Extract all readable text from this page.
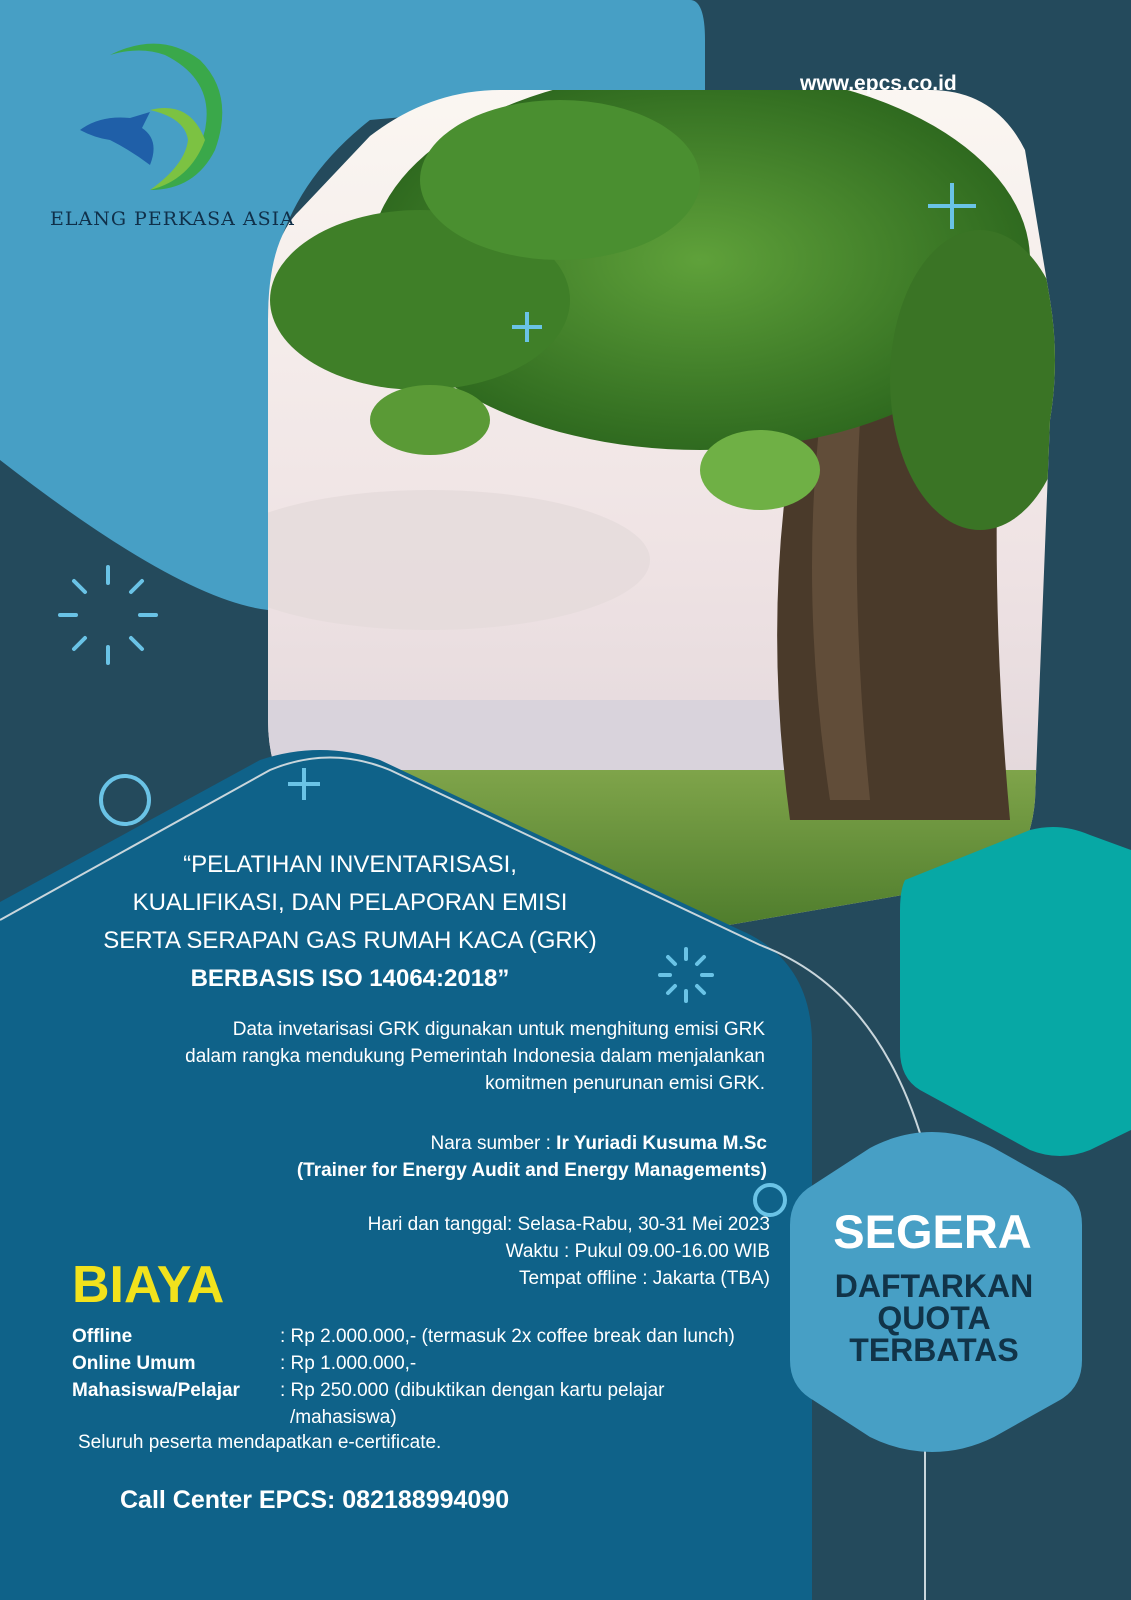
ELANG PERKASA ASIA
www.epcs.co.id
“PELATIHAN INVENTARISASI,
KUALIFIKASI, DAN PELAPORAN EMISI
SERTA SERAPAN GAS RUMAH KACA (GRK)
BERBASIS ISO 14064:2018”
Data invetarisasi GRK digunakan untuk menghitung emisi GRK
dalam rangka mendukung Pemerintah Indonesia dalam menjalankan
komitmen penurunan emisi GRK.
Nara sumber : Ir Yuriadi Kusuma M.Sc
(Trainer for Energy Audit and Energy Managements)
Hari dan tanggal: Selasa-Rabu, 30-31 Mei 2023
Waktu : Pukul 09.00-16.00 WIB
Tempat offline : Jakarta (TBA)
BIAYA
Offline	: Rp 2.000.000,- (termasuk 2x coffee break dan lunch)
Online Umum	: Rp 1.000.000,-
Mahasiswa/Pelajar	: Rp 250.000 (dibuktikan dengan kartu pelajar
/mahasiswa)
Seluruh peserta mendapatkan e-certificate.
Call Center EPCS: 082188994090
SEGERA
DAFTARKAN
QUOTA
TERBATAS
